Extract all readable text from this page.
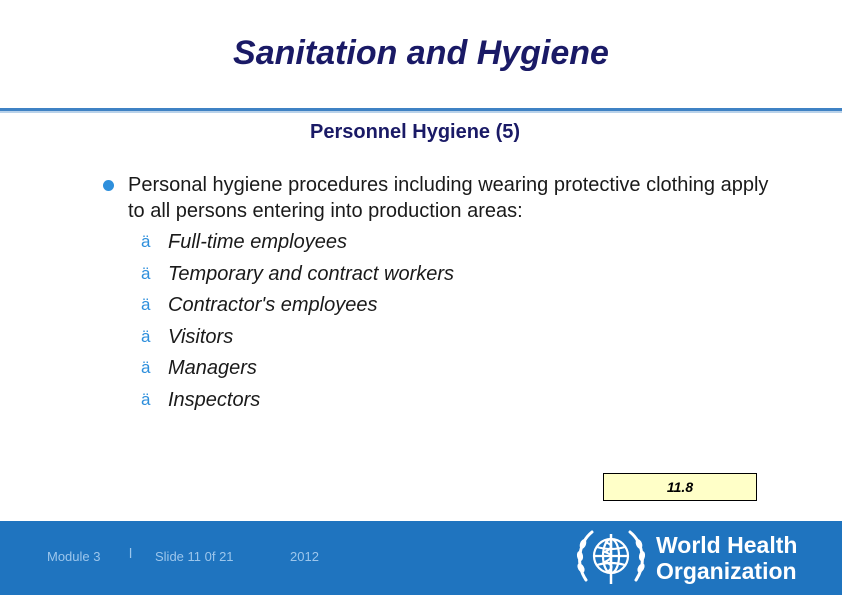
Sanitation and Hygiene
Personnel Hygiene (5)
Personal hygiene procedures including wearing protective clothing apply to all persons entering into production areas:
ä Full-time employees
ä Temporary and contract workers
ä Contractor's employees
ä Visitors
ä Managers
ä Inspectors
11.8
Module 3 l Slide 11 0f 21	2012	World Health
Organization
